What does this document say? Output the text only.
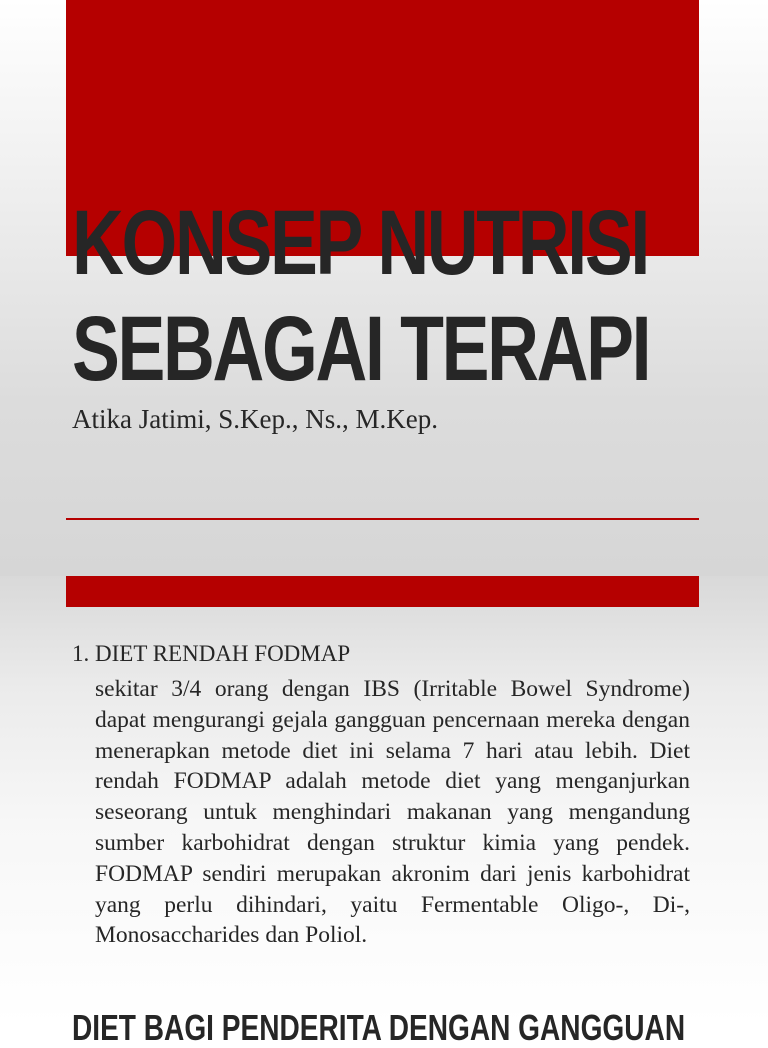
KONSEP NUTRISI
SEBAGAI TERAPI
Atika Jatimi, S.Kep., Ns., M.Kep.
1. DIET RENDAH FODMAP

sekitar 3/4 orang dengan IBS (Irritable Bowel Syndrome) dapat mengurangi gejala gangguan pencernaan mereka dengan menerapkan metode diet ini selama 7 hari atau lebih. Diet rendah FODMAP adalah metode diet yang menganjurkan seseorang untuk menghindari makanan yang mengandung sumber karbohidrat dengan struktur kimia yang pendek. FODMAP sendiri merupakan akronim dari jenis karbohidrat yang perlu dihindari, yaitu Fermentable Oligo-, Di-, Monosaccharides dan Poliol.

DIET BAGI PENDERITA DENGAN GANGGUAN
